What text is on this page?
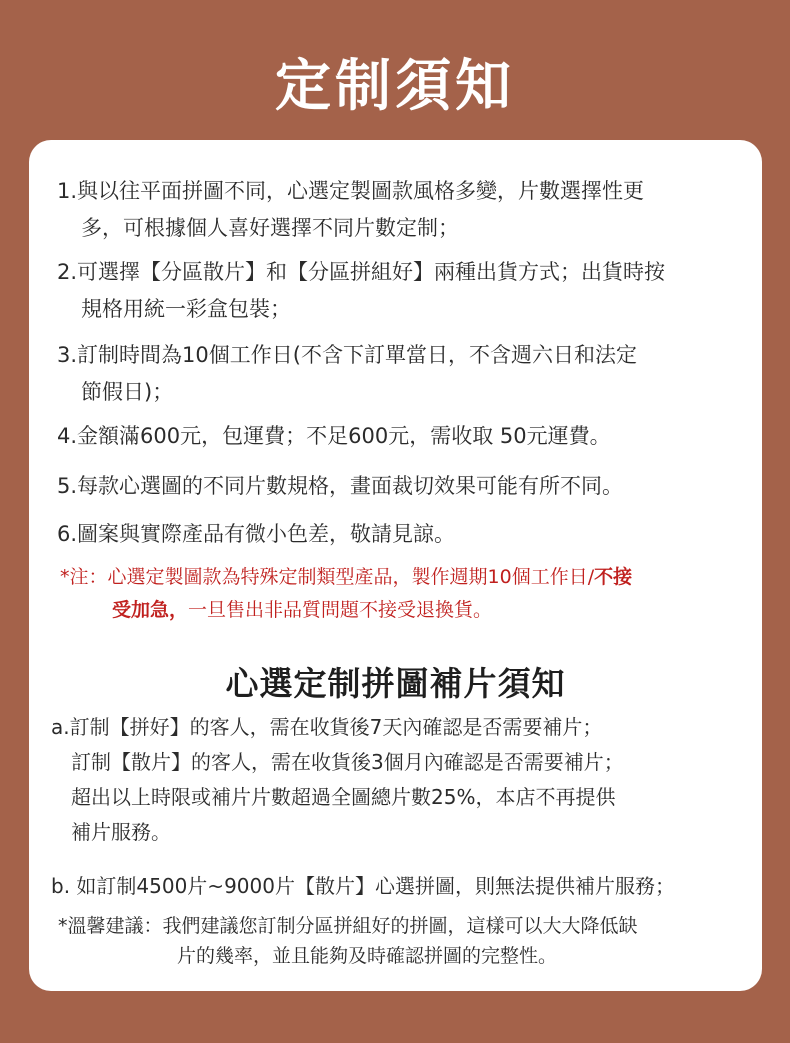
定制須知
1.與以往平面拼圖不同，心選定製圖款風格多變，片數選擇性更
多，可根據個人喜好選擇不同片數定制；
2.可選擇【分區散片】和【分區拼組好】兩種出貨方式；出貨時按
規格用統一彩盒包裝；
3.訂制時間為10個工作日(不含下訂單當日，不含週六日和法定
節假日)；
4.金額滿600元，包運費；不足600元，需收取 50元運費。
5.每款心選圖的不同片數規格，畫面裁切效果可能有所不同。
6.圖案與實際產品有微小色差，敬請見諒。
*注：心選定製圖款為特殊定制類型產品，製作週期10個工作日/不接
受加急，一旦售出非品質問題不接受退換貨。
心選定制拼圖補片須知
a.訂制【拼好】的客人，需在收貨後7天內確認是否需要補片；
訂制【散片】的客人，需在收貨後3個月內確認是否需要補片；
超出以上時限或補片片數超過全圖總片數25%，本店不再提供
補片服務。
b. 如訂制4500片~9000片【散片】心選拼圖，則無法提供補片服務；
*溫馨建議：我們建議您訂制分區拼組好的拼圖，這樣可以大大降低缺
片的幾率，並且能夠及時確認拼圖的完整性。
